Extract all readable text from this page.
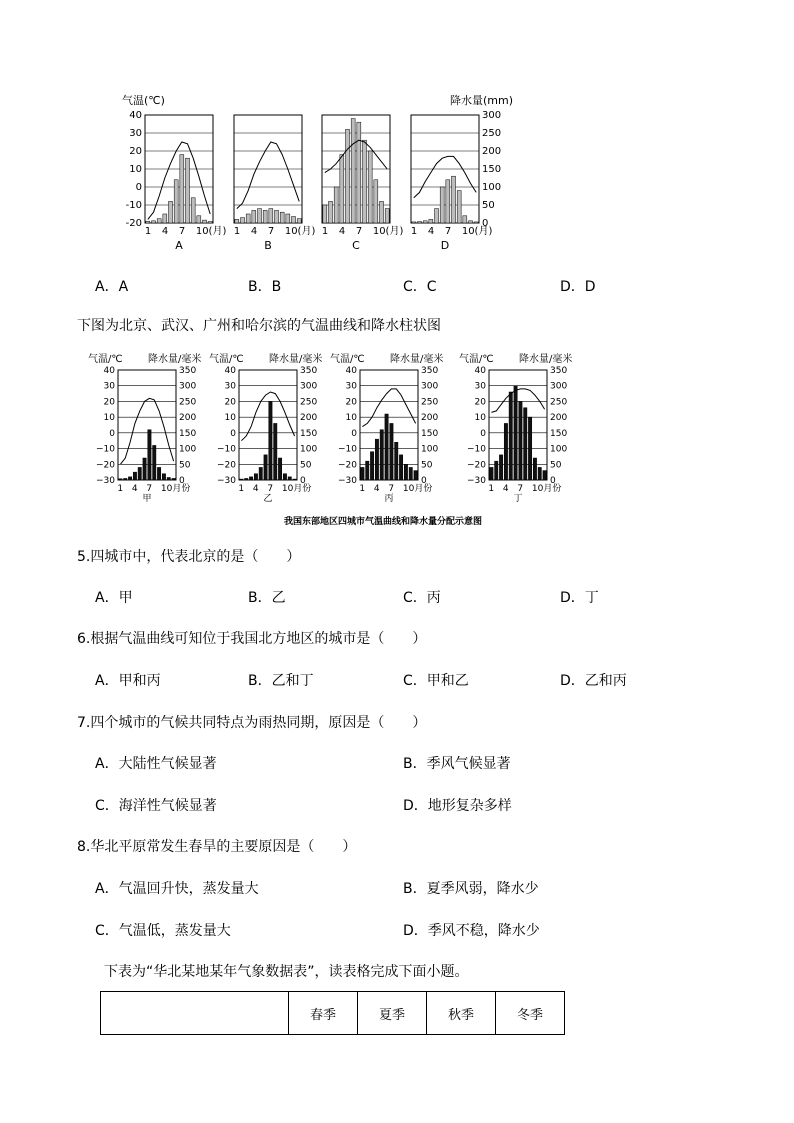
气温(℃)	降水量(mm)
40
30
20
10
0
-10
-20
1 4 7 10(月)
A
1 4 7 10(月)
B
1 4 7 10(月)
C
300
250
200
150
100
50
0
1 4 7 10(月)
D
A．A	B．B	C．C	D．D
下图为北京、武汉、广州和哈尔滨的气温曲线和降水柱状图
40
30
20
10
0
−10
−20
−30
350
300
250
200
150
100
50
0
1 4 7 10月份
甲
40
30
20
10
0
−10
−20
−30
350
300
250
200
150
100
50
0
1 4 7 10月份
乙
40
30
20
10
0
−10
−20
−30
350
300
250
200
150
100
50
0
1 4 7 10月份
丙
40
30
20
10
0
−10
−20
−30
350
300
250
200
150
100
50
0
1 4 7 10月份
丁
我国东部地区四城市气温曲线和降水量分配示意图
气温/℃	降水量/毫米 气温/℃	降水量/毫米 气温/℃	降水量/毫米 气温/℃	降水量/毫米
5.四城市中，代表北京的是（　　）
A．甲	B．乙	C．丙	D．丁
6.根据气温曲线可知位于我国北方地区的城市是（　　）
A．甲和丙	B．乙和丁	C．甲和乙	D．乙和丙
7.四个城市的气候共同特点为雨热同期，原因是（　　）
A．大陆性气候显著	B．季风气候显著
C．海洋性气候显著	D．地形复杂多样
8.华北平原常发生春旱的主要原因是（　　）
A．气温回升快，蒸发量大	B．夏季风弱，降水少
C．气温低，蒸发量大	D．季风不稳，降水少
下表为“华北某地某年气象数据表”，读表格完成下面小题。
	春季	夏季	秋季	冬季
